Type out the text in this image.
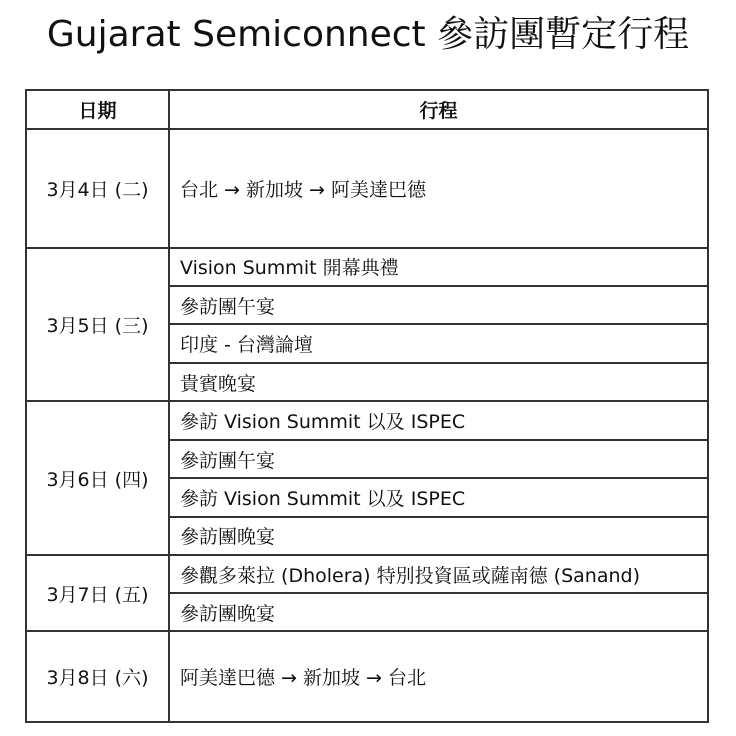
Gujarat Semiconnect 參訪團暫定行程
日期	行程
3月4日 (二)	台北 → 新加坡 → 阿美達巴德
3月5日 (三)	Vision Summit 開幕典禮
	參訪團午宴
	印度 - 台灣論壇
	貴賓晚宴
3月6日 (四)	參訪 Vision Summit 以及 ISPEC
	參訪團午宴
	參訪 Vision Summit 以及 ISPEC
	參訪團晚宴
3月7日 (五)	參觀多萊拉 (Dholera) 特別投資區或薩南德 (Sanand)
	參訪團晚宴
3月8日 (六)	阿美達巴德 → 新加坡 → 台北
